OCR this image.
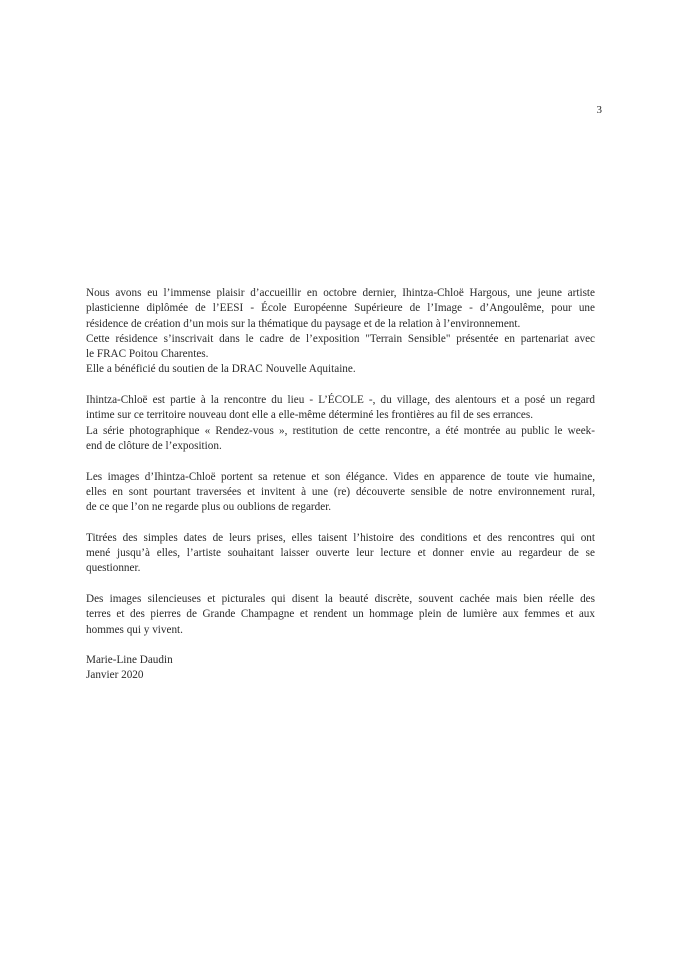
3
Nous avons eu l’immense plaisir d’accueillir en octobre dernier, Ihintza-Chloë Hargous, une jeune artiste
plasticienne diplômée de l’EESI - École Européenne Supérieure de l’Image - d’Angoulême, pour une
résidence de création d’un mois sur la thématique du paysage et de la relation à l’environnement.
Cette résidence s’inscrivait dans le cadre de l’exposition "Terrain Sensible" présentée en partenariat avec
le FRAC Poitou Charentes.
Elle a bénéficié du soutien de la DRAC Nouvelle Aquitaine.
Ihintza-Chloë est partie à la rencontre du lieu - L’ÉCOLE -, du village, des alentours et a posé un regard
intime sur ce territoire nouveau dont elle a elle-même déterminé les frontières au fil de ses errances.
La série photographique « Rendez-vous », restitution de cette rencontre, a été montrée au public le week-
end de clôture de l’exposition.
Les images d’Ihintza-Chloë portent sa retenue et son élégance. Vides en apparence de toute vie humaine,
elles en sont pourtant traversées et invitent à une (re) découverte sensible de notre environnement rural,
de ce que l’on ne regarde plus ou oublions de regarder.
Titrées des simples dates de leurs prises, elles taisent l’histoire des conditions et des rencontres qui ont
mené jusqu’à elles, l’artiste souhaitant laisser ouverte leur lecture et donner envie au regardeur de se
questionner.
Des images silencieuses et picturales qui disent la beauté discrète, souvent cachée mais bien réelle des
terres et des pierres de Grande Champagne et rendent un hommage plein de lumière aux femmes et aux
hommes qui y vivent.
Marie-Line Daudin
Janvier 2020
